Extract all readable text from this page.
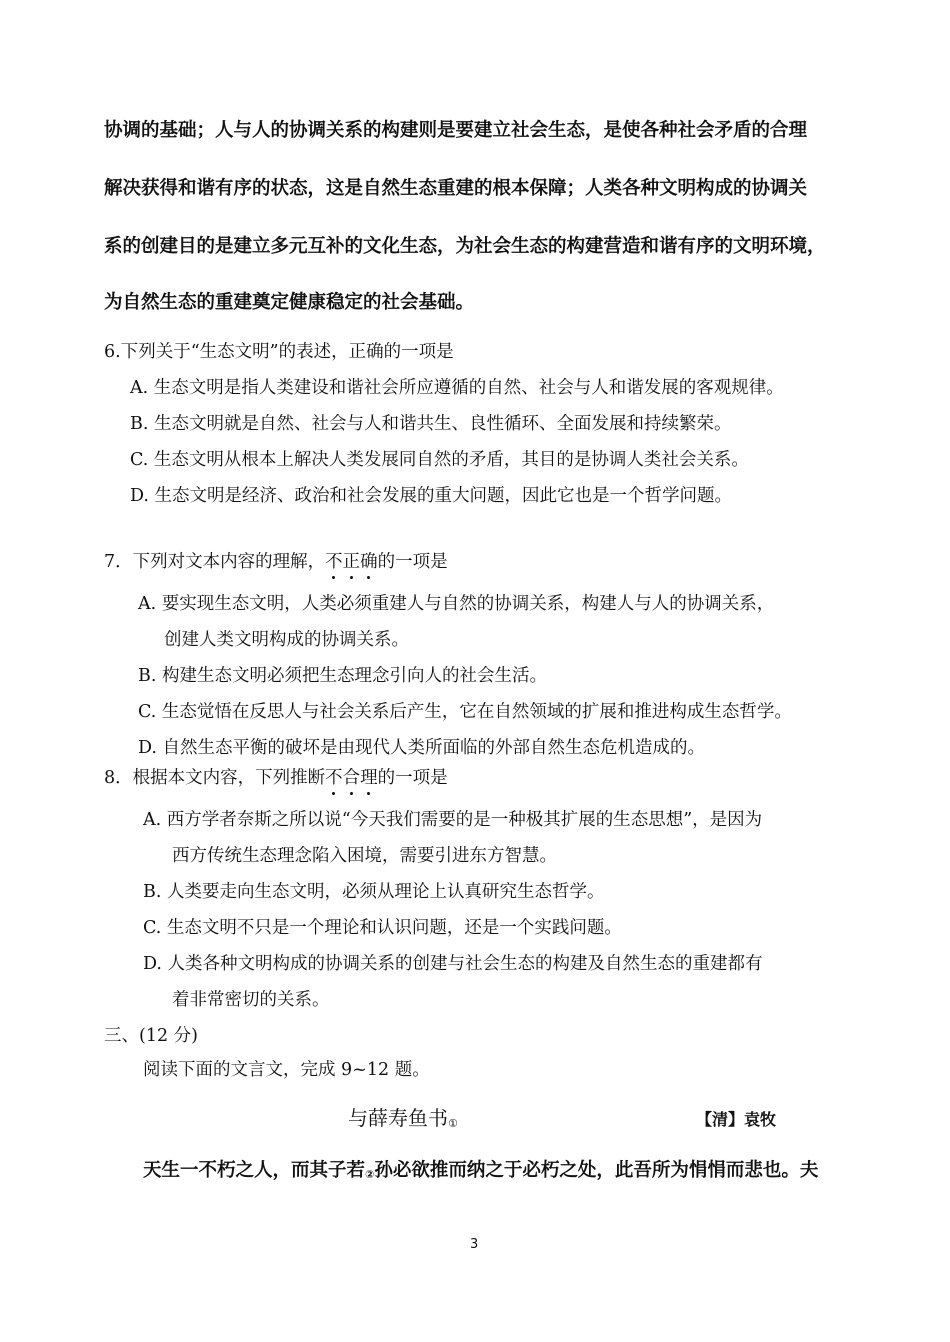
协调的基础；人与人的协调关系的构建则是要建立社会生态，是使各种社会矛盾的合理
解决获得和谐有序的状态，这是自然生态重建的根本保障；人类各种文明构成的协调关
系的创建目的是建立多元互补的文化生态，为社会生态的构建营造和谐有序的文明环境，
为自然生态的重建奠定健康稳定的社会基础。
6.下列关于“生态文明”的表述，正确的一项是
A. 生态文明是指人类建设和谐社会所应遵循的自然、社会与人和谐发展的客观规律。
B. 生态文明就是自然、社会与人和谐共生、良性循环、全面发展和持续繁荣。
C. 生态文明从根本上解决人类发展同自然的矛盾，其目的是协调人类社会关系。
D. 生态文明是经济、政治和社会发展的重大问题，因此它也是一个哲学问题。
7．下列对文本内容的理解，不正确的一项是
A. 要实现生态文明，人类必须重建人与自然的协调关系，构建人与人的协调关系，
创建人类文明构成的协调关系。
B. 构建生态文明必须把生态理念引向人的社会生活。
C. 生态觉悟在反思人与社会关系后产生，它在自然领域的扩展和推进构成生态哲学。
D. 自然生态平衡的破坏是由现代人类所面临的外部自然生态危机造成的。
8．根据本文内容，下列推断不合理的一项是
A. 西方学者奈斯之所以说“今天我们需要的是一种极其扩展的生态思想”，是因为
西方传统生态理念陷入困境，需要引进东方智慧。
B. 人类要走向生态文明，必须从理论上认真研究生态哲学。
C. 生态文明不只是一个理论和认识问题，还是一个实践问题。
D. 人类各种文明构成的协调关系的创建与社会生态的构建及自然生态的重建都有
着非常密切的关系。
三、(12 分)
阅读下面的文言文，完成 9~12 题。
与薛寿鱼书①	【清】袁牧
天生一不朽之人，而其子若②孙必欲推而纳之于必朽之处，此吾所为悁悁而悲也。夫
3
